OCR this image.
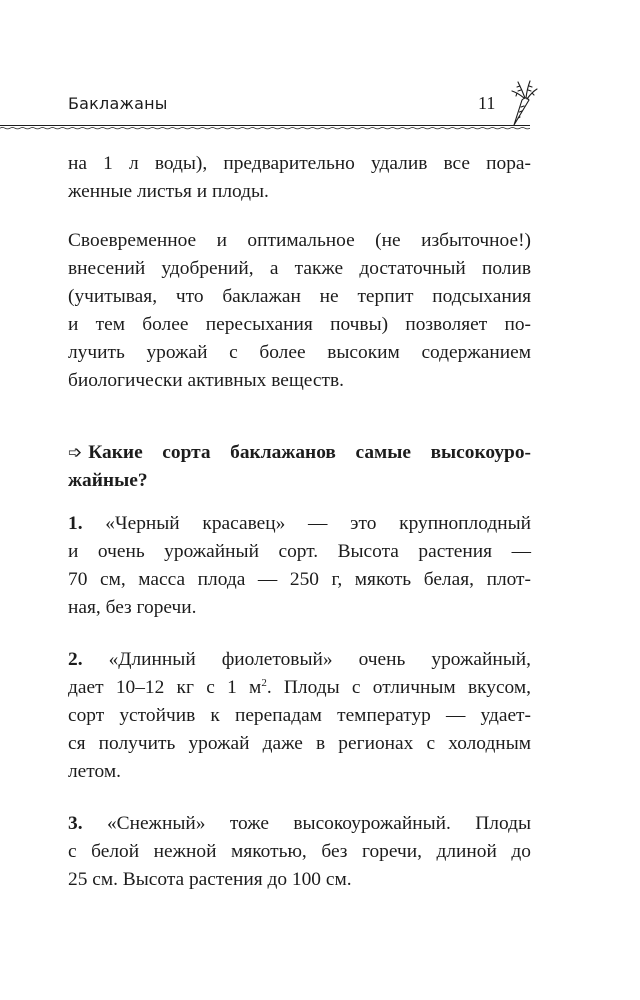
Баклажаны	11
на 1 л воды), предварительно удалив все пора-
женные листья и плоды.
Своевременное и оптимальное (не избыточное!)
внесений удобрений, а также достаточный полив
(учитывая, что баклажан не терпит подсыхания
и тем более пересыхания почвы) позволяет по-
лучить урожай с более высоким содержанием
биологически активных веществ.
➩ Какие сорта баклажанов самые высокоуро-
жайные?
1. «Черный красавец» — это крупноплодный
и очень урожайный сорт. Высота растения —
70 см, масса плода — 250 г, мякоть белая, плот-
ная, без горечи.
2. «Длинный фиолетовый» очень урожайный,
дает 10–12 кг с 1 $м^2$. Плоды с отличным вкусом,
сорт устойчив к перепадам температур — удает-
ся получить урожай даже в регионах с холодным
летом.
3. «Снежный» тоже высокоурожайный. Плоды
с белой нежной мякотью, без горечи, длиной до
25 см. Высота растения до 100 см.
